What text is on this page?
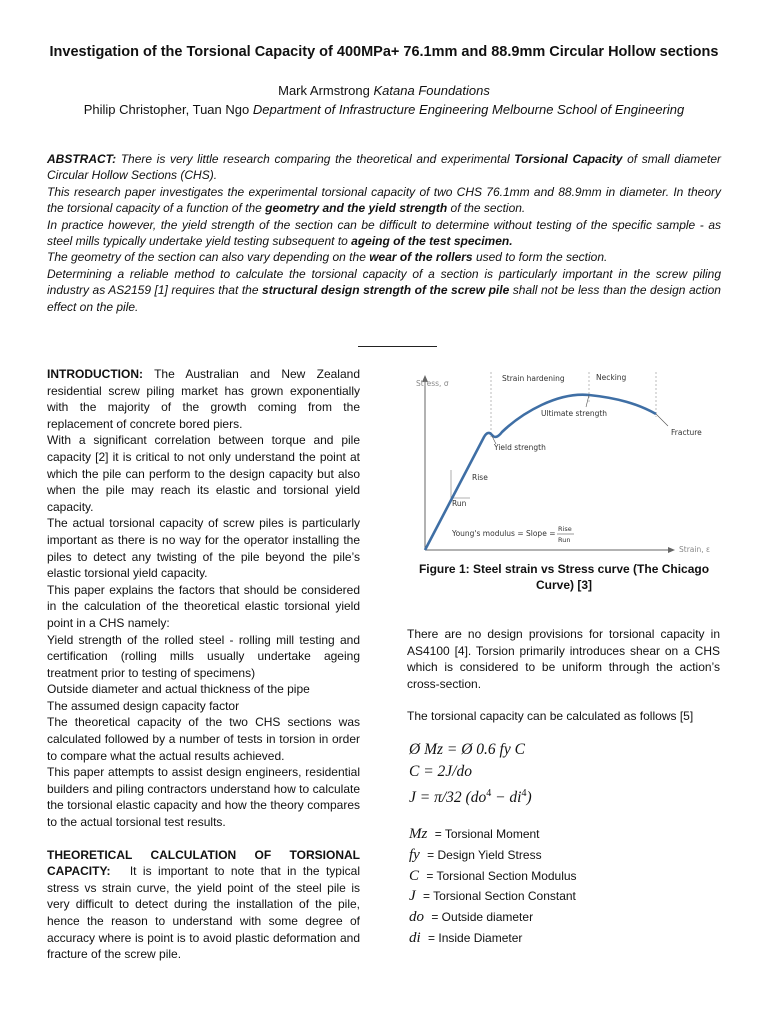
Investigation of the Torsional Capacity of 400MPa+ 76.1mm and 88.9mm Circular Hollow sections
Mark Armstrong Katana Foundations
Philip Christopher, Tuan Ngo Department of Infrastructure Engineering Melbourne School of Engineering

ABSTRACT: There is very little research comparing the theoretical and experimental Torsional Capacity of small diameter Circular Hollow Sections (CHS).

This research paper investigates the experimental torsional capacity of two CHS 76.1mm and 88.9mm in diameter. In theory the torsional capacity of a function of the geometry and the yield strength of the section.

In practice however, the yield strength of the section can be difficult to determine without testing of the specific sample - as steel mills typically undertake yield testing subsequent to ageing of the test specimen.

The geometry of the section can also vary depending on the wear of the rollers used to form the section.

Determining a reliable method to calculate the torsional capacity of a section is particularly important in the screw piling industry as AS2159 [1] requires that the structural design strength of the screw pile shall not be less than the design action effect on the pile.

INTRODUCTION: The Australian and New Zealand residential screw piling market has grown exponentially with the majority of the growth coming from the replacement of concrete bored piers.

With a significant correlation between torque and pile capacity [2] it is critical to not only understand the point at which the pile can perform to the design capacity but also when the pile may reach its elastic and torsional yield capacity.

The actual torsional capacity of screw piles is particularly important as there is no way for the operator installing the piles to detect any twisting of the pile beyond the pile’s elastic torsional yield capacity.

This paper explains the factors that should be considered in the calculation of the theoretical elastic torsional yield point in a CHS namely:

Yield strength of the rolled steel - rolling mill testing and certification (rolling mills usually undertake ageing treatment prior to testing of specimens)

Outside diameter and actual thickness of the pipe

The assumed design capacity factor

The theoretical capacity of the two CHS sections was calculated followed by a number of tests in torsion in order to compare what the actual results achieved.

This paper attempts to assist design engineers, residential builders and piling contractors understand how to calculate the torsional elastic capacity and how the theory compares to the actual torsional test results.

THEORETICAL CALCULATION OF TORSIONAL CAPACITY: It is important to note that in the typical stress vs strain curve, the yield point of the steel pile is very difficult to detect during the installation of the pile, hence the reason to understand with some degree of accuracy where is point is to avoid plastic deformation and fracture of the screw pile.

Stress, σ
Strain, ε
Strain hardening	Necking
Ultimate strength
Fracture
Yield strength
Rise
Run
Young's modulus = Slope = Rise
Run
Figure 1: Steel strain vs Stress curve (The Chicago Curve) [3]
There are no design provisions for torsional capacity in AS4100 [4]. Torsion primarily introduces shear on a CHS which is considered to be uniform through the action’s cross-section.
The torsional capacity can be calculated as follows [5]
Ø Mz = Ø 0.6 fy C
C = 2J/do
J = π/32 $(do^4 - di^4)$
Mz = Torsional Moment
fy = Design Yield Stress
C = Torsional Section Modulus
J = Torsional Section Constant
do = Outside diameter
di = Inside Diameter
